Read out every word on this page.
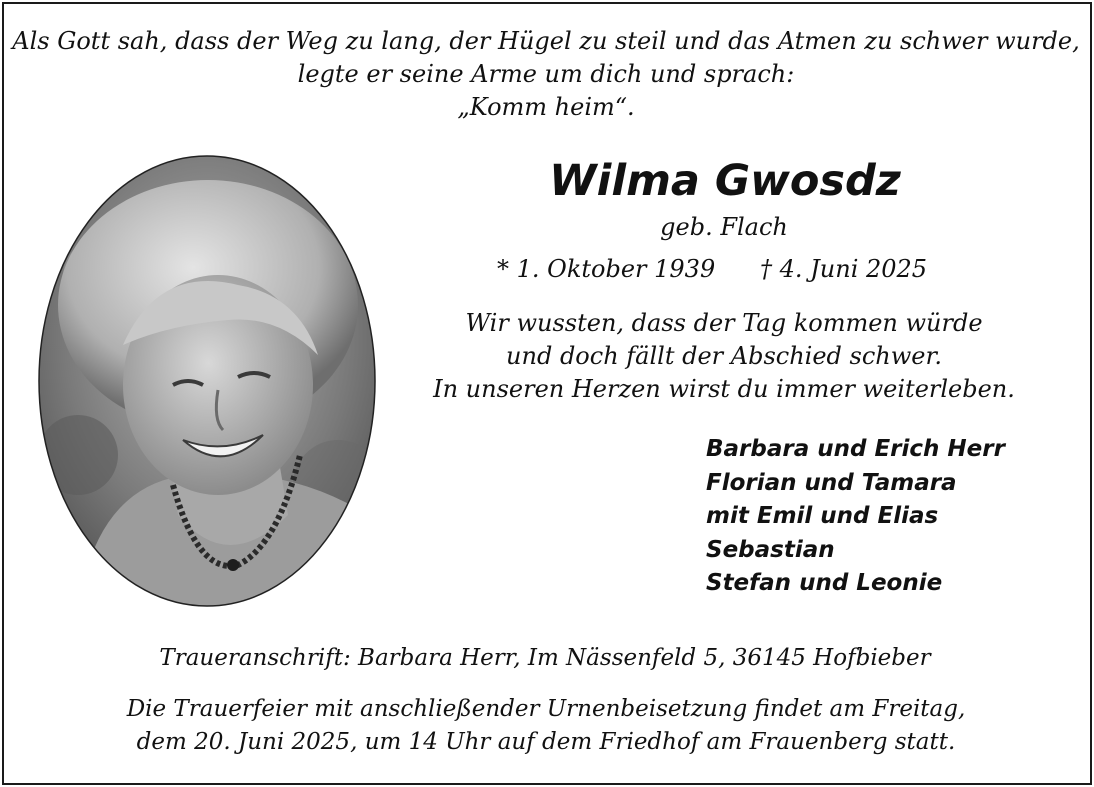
Als Gott sah, dass der Weg zu lang, der Hügel zu steil und das Atmen zu schwer wurde,
legte er seine Arme um dich und sprach:
„Komm heim“.
Wilma Gwosdz
geb. Flach
* 1. Oktober 1939 † 4. Juni 2025
Wir wussten, dass der Tag kommen würde
und doch fällt der Abschied schwer.
In unseren Herzen wirst du immer weiterleben.
Barbara und Erich Herr
Florian und Tamara
mit Emil und Elias
Sebastian
Stefan und Leonie
Traueranschrift: Barbara Herr, Im Nässenfeld 5, 36145 Hofbieber
Die Trauerfeier mit anschließender Urnenbeisetzung findet am Freitag,
dem 20. Juni 2025, um 14 Uhr auf dem Friedhof am Frauenberg statt.
